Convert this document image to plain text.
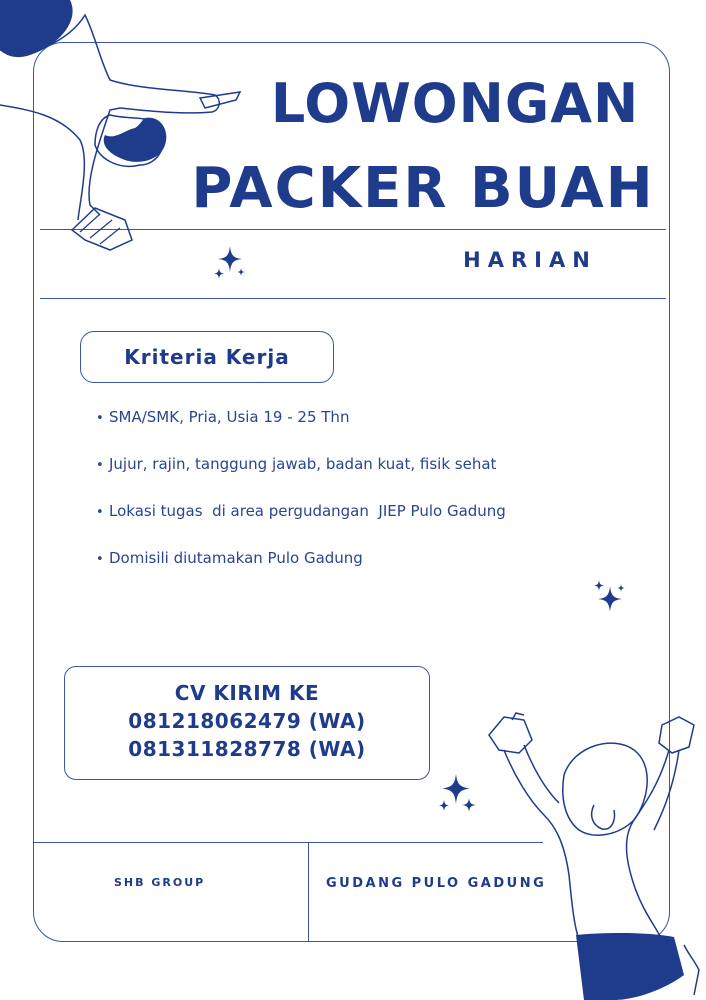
LOWONGAN
PACKER BUAH
HARIAN
Kriteria Kerja
• SMA/SMK, Pria, Usia 19 - 25 Thn
• Jujur, rajin, tanggung jawab, badan kuat, fisik sehat
• Lokasi tugas  di area pergudangan  JIEP Pulo Gadung
• Domisili diutamakan Pulo Gadung
CV KIRIM KE
081218062479 (WA)
081311828778 (WA)
SHB GROUP	GUDANG PULO GADUNG
